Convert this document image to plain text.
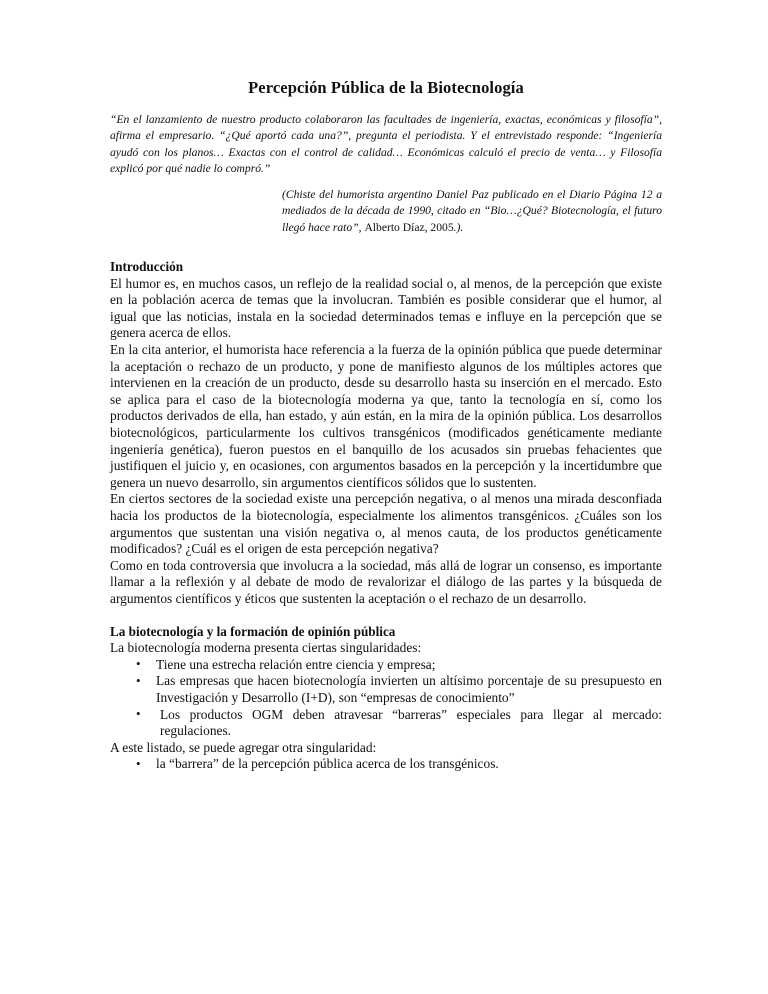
Percepción Pública de la Biotecnología

“En el lanzamiento de nuestro producto colaboraron las facultades de ingeniería, exactas, económicas y filosofía”, afirma el empresario. “¿Qué aportó cada una?”, pregunta el periodista. Y el entrevistado responde: “Ingeniería ayudó con los planos… Exactas con el control de calidad… Económicas calculó el precio de venta… y Filosofía explicó por qué nadie lo compró.”

(Chiste del humorista argentino Daniel Paz publicado en el Diario Página 12 a mediados de la década de 1990, citado en “Bio…¿Qué? Biotecnología, el futuro llegó hace rato”, Alberto Díaz, 2005.).
Introducción

El humor es, en muchos casos, un reflejo de la realidad social o, al menos, de la percepción que existe en la población acerca de temas que la involucran. También es posible considerar que el humor, al igual que las noticias, instala en la sociedad determinados temas e influye en la percepción que se genera acerca de ellos.

En la cita anterior, el humorista hace referencia a la fuerza de la opinión pública que puede determinar la aceptación o rechazo de un producto, y pone de manifiesto algunos de los múltiples actores que intervienen en la creación de un producto, desde su desarrollo hasta su inserción en el mercado. Esto se aplica para el caso de la biotecnología moderna ya que, tanto la tecnología en sí, como los productos derivados de ella, han estado, y aún están, en la mira de la opinión pública. Los desarrollos biotecnológicos, particularmente los cultivos transgénicos (modificados genéticamente mediante ingeniería genética), fueron puestos en el banquillo de los acusados sin pruebas fehacientes que justifiquen el juicio y, en ocasiones, con argumentos basados en la percepción y la incertidumbre que genera un nuevo desarrollo, sin argumentos científicos sólidos que lo sustenten.

En ciertos sectores de la sociedad existe una percepción negativa, o al menos una mirada desconfiada hacia los productos de la biotecnología, especialmente los alimentos transgénicos. ¿Cuáles son los argumentos que sustentan una visión negativa o, al menos cauta, de los productos genéticamente modificados? ¿Cuál es el origen de esta percepción negativa?

Como en toda controversia que involucra a la sociedad, más allá de lograr un consenso, es importante llamar a la reflexión y al debate de modo de revalorizar el diálogo de las partes y la búsqueda de argumentos científicos y éticos que sustenten la aceptación o el rechazo de un desarrollo.

La biotecnología y la formación de opinión pública

La biotecnología moderna presenta ciertas singularidades:

• Tiene una estrecha relación entre ciencia y empresa;
• Las empresas que hacen biotecnología invierten un altísimo porcentaje de su presupuesto en Investigación y Desarrollo (I+D), son “empresas de conocimiento”
• Los productos OGM deben atravesar “barreras” especiales para llegar al mercado: regulaciones.

A este listado, se puede agregar otra singularidad:

• la “barrera” de la percepción pública acerca de los transgénicos.
